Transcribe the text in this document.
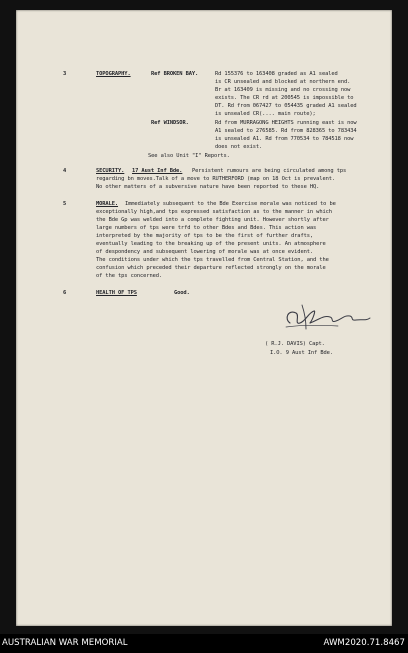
3	TOPOGRAPHY.	Ref BROKEN BAY.	Rd 155376 to 163408 graded as A1 sealed
is CR unsealed and blocked at northern end.
Br at 163409 is missing and no crossing now
exists. The CR rd at 200545 is impossible to
DT. Rd from 067427 to 054435 graded A1 sealed
is unsealed CR(.... main route);
Ref WINDSOR.	Rd from MURRAGONG HEIGHTS running east is now
A1 sealed to 276585. Rd from 828365 to 783434
is unsealed A1. Rd from 770534 to 784518 now
does not exist.
See also Unit "I" Reports.
4	SECURITY. 17 Aust Inf Bde. Persistent rumours are being circulated among tps
regarding bn moves.Talk of a move to RUTHERFORD (map on 18 Oct is prevalent.
No other matters of a subversive nature have been reported to these HQ.
5	MORALE. Immediately subsequent to the Bde Exercise morale was noticed to be
exceptionally high,and tps expressed satisfaction as to the manner in which
the Bde Gp was welded into a complete fighting unit. However shortly after
large numbers of tps were trfd to other Bdes and Bdes. This action was
interpreted by the majority of tps to be the first of further drafts,
eventually leading to the breaking up of the present units. An atmosphere
of despondency and subsequent lowering of morale was at once evident.
The conditions under which the tps travelled from Central Station, and the
confusion which preceded their departure reflected strongly on the morale
of the tps concerned.
6	HEALTH OF TPS	Good.
( R.J. DAVIS) Capt.
I.O. 9 Aust Inf Bde.
AUSTRALIAN WAR MEMORIAL	AWM2020.71.8467
